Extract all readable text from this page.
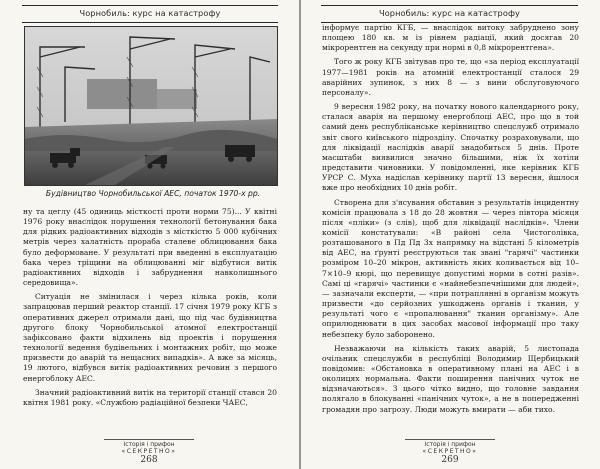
Чорнобиль: курс на катастрофу
Будівництво Чорнобильської АЕС, початок 1970-х рр.

ну та цеглу (45 одиниць місткості проти норми 75)... У квітні 1976 року внаслідок порушення технології бетонування бака для рідких радіоактивних відходів з місткістю 5 000 кубічних метрів через халатність прораба сталеве облицювання бака було деформоване. У результаті при введенні в експлуатацію бака через тріщини на облицюванні міг відбутися витік радіоактивних відходів і забруднення навколишнього середовища».

Ситуація не змінилася і через кілька років, коли запрацював перший реактор станції. 17 січня 1979 року КГБ з оперативних джерел отримали дані, що під час будівництва другого блоку Чорнобильської атомної електростанції зафіксовано факти відхилень від проектів і порушення технології ведення будівельних і монтажних робіт, що може призвести до аварій та нещасних випадків». А вже за місяць, 19 лютого, відбувся витік радіоактивних речовин з першого енергоблоку АЕС.

Значний радіоактивний витік на території станції стався 20 квітня 1981 року. «Службою радіаційної безпеки ЧАЕС,

Історія і прифон
«СЕКРЕТНО»
268
Чорнобиль: курс на катастрофу

інформує партію КГБ, — внаслідок витоку забруднено зону площею 180 кв. м із рівнем радіації, який досягав 20 мікрорентген на секунду при нормі в 0,8 мікрорентгена».

Того ж року КГБ звітував про те, що «за період експлуатації 1977—1981 років на атомній електростанції сталося 29 аварійних зупинок, з них 8 — з вини обслуговуючого персоналу».

9 вересня 1982 року, на початку нового календарного року, сталася аварія на першому енергоблоці АЕС, про що в той самий день республіканське керівництво спецслужб отримало звіт свого київського підрозділу. Спочатку розраховували, що для ліквідації наслідків аварії знадобиться 5 днів. Проте масштаби виявилися значно більшими, ніж їх хотіли представити чиновники. У повідомленні, яке керівник КГБ УРСР С. Муха надіслав керівнику партії 13 вересня, йшлося вже про необхідних 10 днів робіт.

Створена для з'ясування обставин з результатів інцидентну комісія працювала з 18 до 28 жовтня — через півтора місяця після «пліки» (з слів), щоб для ліквідації наслідків». Члени комісії констатували: «В районі села Чистоголівка, розташованого в Пд Пд 3х напрямку на відстані 5 кілометрів від АЕС, на ґрунті реєструються так звані "гарячі" частинки розміром 10–20 мікрон, активність яких коливається від 10–7×10–9 кюрі, що перевищує допустимі норми в сотні разів». Самі ці «гарячі» частинки є «найнебезпечнішими для людей», — зазначали експерти, — «при потраплянні в організм можуть призвести «до серйозних ушкоджень органів і тканин, у результаті чого є «пропалювання" тканин організму». Але оприлюднювати в цих засобах масової інформації про таку небезпеку було заборонено.

Незважаючи на кількість таких аварій, 5 листопада очільник спецслужби в республіці Володимир Щербицький повідомив: «Обстановка в оперативному плані на АЕС і в околицях нормальна. Факти поширення панічних чуток не відзначаються». З цього чітко видно, що головне завдання полягало в блокуванні «панічних чуток», а не в попередженні громадян про загрозу. Люди можуть вмирати — аби тихо.

Історія і прифон
«СЕКРЕТНО»
269
